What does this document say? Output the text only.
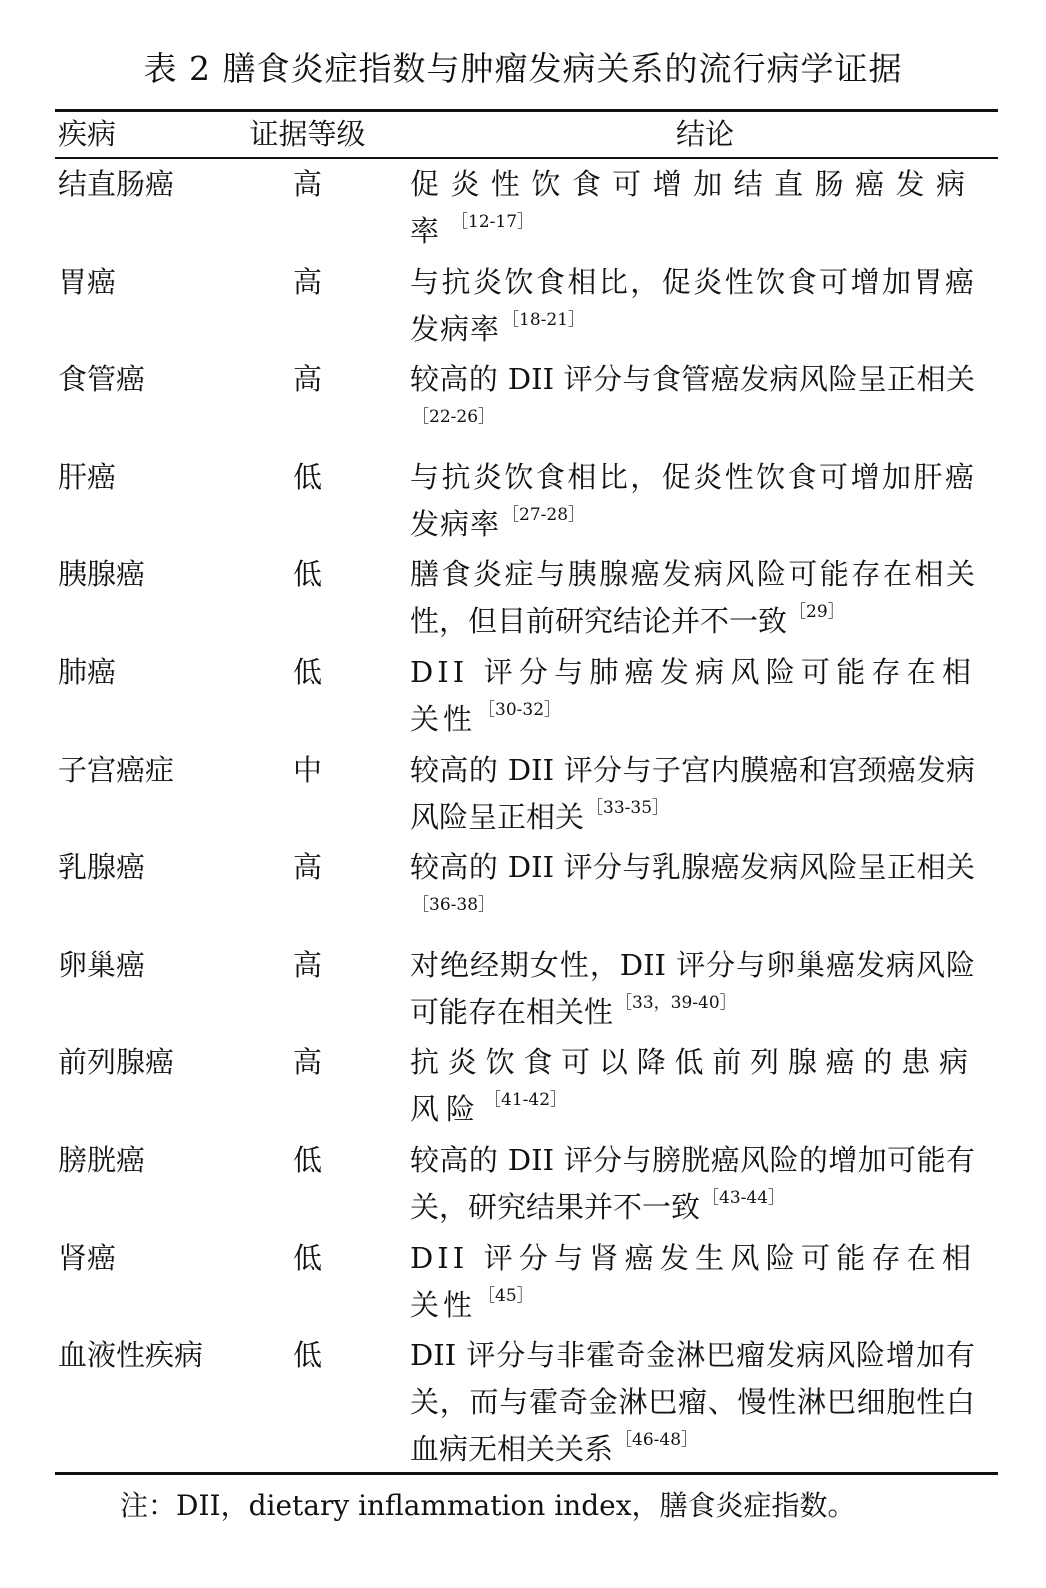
表 2 膳食炎症指数与肿瘤发病关系的流行病学证据
疾病	证据等级	结论
结直肠癌	高	促炎性饮食可增加结直肠癌发病率 $^{[12-17]}$
胃癌	高	与抗炎饮食相比，促炎性饮食可增加胃癌发病率 $^{[18-21]}$
食管癌	高	较高的 DII 评分与食管癌发病风险呈正相关$^{[22-26]}$
肝癌	低	与抗炎饮食相比，促炎性饮食可增加肝癌发病率 $^{[27-28]}$
胰腺癌	低	膳食炎症与胰腺癌发病风险可能存在相关性，但目前研究结论并不一致 $^{[29]}$
肺癌	低	DII 评分与肺癌发病风险可能存在相关性 $^{[30-32]}$
子宫癌症	中	较高的 DII 评分与子宫内膜癌和宫颈癌发病风险呈正相关 $^{[33-35]}$
乳腺癌	高	较高的 DII 评分与乳腺癌发病风险呈正相关$^{[36-38]}$
卵巢癌	高	对绝经期女性，DII 评分与卵巢癌发病风险可能存在相关性 $^{[33,39-40]}$
前列腺癌	高	抗炎饮食可以降低前列腺癌的患病风险 $^{[41-42]}$
膀胱癌	低	较高的 DII 评分与膀胱癌风险的增加可能有关，研究结果并不一致 $^{[43-44]}$
肾癌	低	DII 评分与肾癌发生风险可能存在相关性 $^{[45]}$
血液性疾病	低	DII 评分与非霍奇金淋巴瘤发病风险增加有关，而与霍奇金淋巴瘤、慢性淋巴细胞性白血病无相关关系 $^{[46-48]}$
注：DII，dietary inflammation index，膳食炎症指数。
